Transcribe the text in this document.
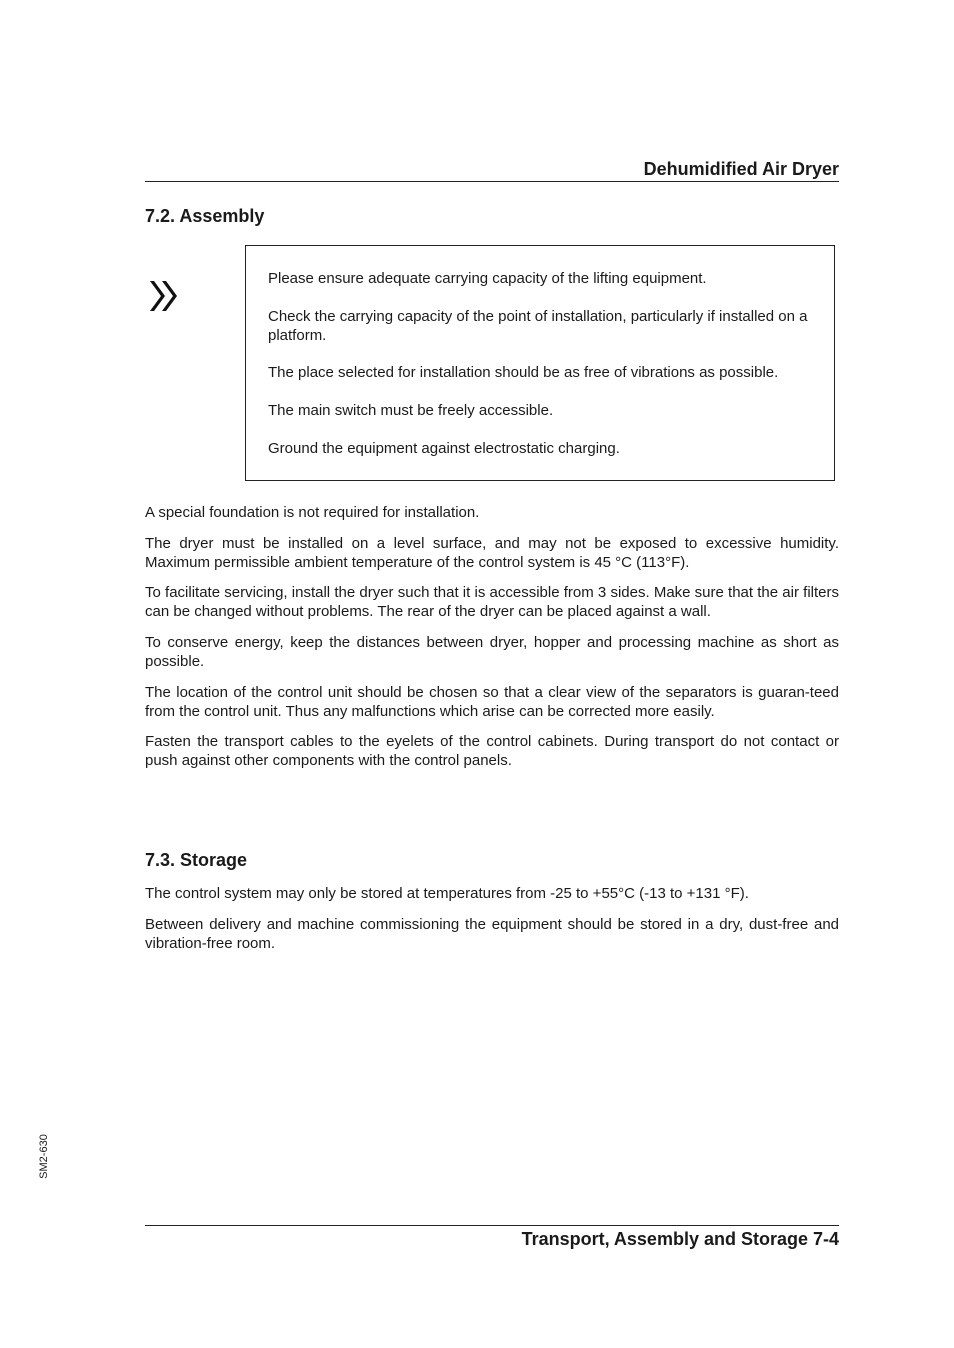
Dehumidified Air Dryer
7.2. Assembly

Please ensure adequate carrying capacity of the lifting equipment.

Check the carrying capacity of the point of installation, particularly if installed on a platform.

The place selected for installation should be as free of vibrations as possible.

The main switch must be freely accessible.

Ground the equipment against electrostatic charging.

A special foundation is not required for installation.

The dryer must be installed on a level surface, and may not be exposed to excessive humidity. Maximum permissible ambient temperature of the control system is 45 °C (113°F).

To facilitate servicing, install the dryer such that it is accessible from 3 sides. Make sure that the air filters can be changed without problems. The rear of the dryer can be placed against a wall.

To conserve energy, keep the distances between dryer, hopper and processing machine as short as possible.

The location of the control unit should be chosen so that a clear view of the separators is guaran-teed from the control unit. Thus any malfunctions which arise can be corrected more easily.

Fasten the transport cables to the eyelets of the control cabinets. During transport do not contact or push against other components with the control panels.

7.3. Storage

The control system may only be stored at temperatures from -25 to +55°C (-13 to +131 °F).

Between delivery and machine commissioning the equipment should be stored in a dry, dust-free and vibration-free room.

SM2-630
Transport, Assembly and Storage 7-4
